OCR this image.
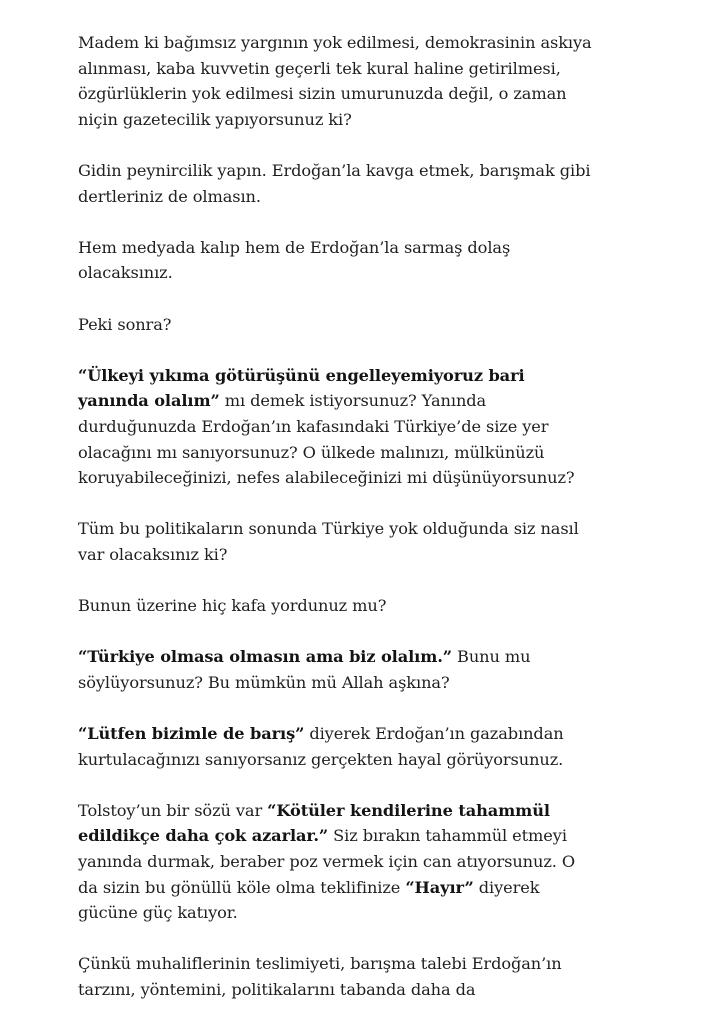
Madem ki bağımsız yargının yok edilmesi, demokrasinin askıya alınması, kaba kuvvetin geçerli tek kural haline getirilmesi, özgürlüklerin yok edilmesi sizin umurunuzda değil, o zaman niçin gazetecilik yapıyorsunuz ki?

Gidin peynircilik yapın. Erdoğan’la kavga etmek, barışmak gibi dertleriniz de olmasın.

Hem medyada kalıp hem de Erdoğan’la sarmaş dolaş olacaksınız.

Peki sonra?

“Ülkeyi yıkıma götürüşünü engelleyemiyoruz bari yanında olalım” mı demek istiyorsunuz? Yanında durduğunuzda Erdoğan’ın kafasındaki Türkiye’de size yer olacağını mı sanıyorsunuz? O ülkede malınızı, mülkünüzü koruyabileceğinizi, nefes alabileceğinizi mi düşünüyorsunuz?

Tüm bu politikaların sonunda Türkiye yok olduğunda siz nasıl var olacaksınız ki?

Bunun üzerine hiç kafa yordunuz mu?

“Türkiye olmasa olmasın ama biz olalım.” Bunu mu söylüyorsunuz? Bu mümkün mü Allah aşkına?

“Lütfen bizimle de barış” diyerek Erdoğan’ın gazabından kurtulacağınızı sanıyorsanız gerçekten hayal görüyorsunuz.

Tolstoy’un bir sözü var “Kötüler kendilerine tahammül edildikçe daha çok azarlar.” Siz bırakın tahammül etmeyi yanında durmak, beraber poz vermek için can atıyorsunuz. O da sizin bu gönüllü köle olma teklifinize “Hayır” diyerek gücüne güç katıyor.

Çünkü muhaliflerinin teslimiyeti, barışma talebi Erdoğan’ın tarzını, yöntemini, politikalarını tabanda daha da
